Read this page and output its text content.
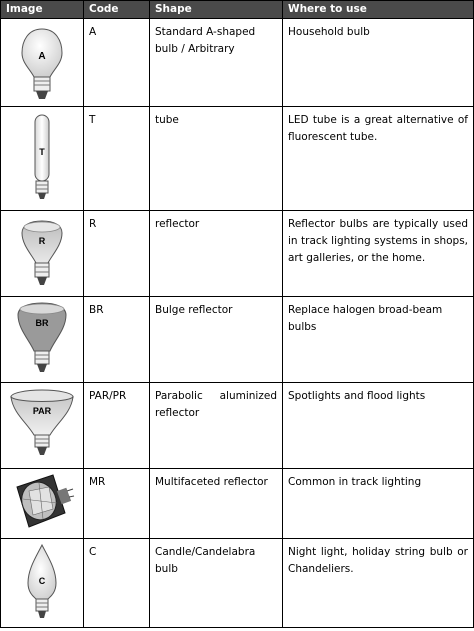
Image	Code	Shape	Where to use

A	A	Standard A-shaped bulb / Arbitrary	Household bulb

T	T	tube	LED tube is a great alternative of fluorescent tube.

R	R	reflector	Reflector bulbs are typically used in track lighting systems in shops, art galleries, or the home.

BR	BR	Bulge reflector	Replace halogen broad-beam bulbs

PAR	PAR/PR	Parabolic aluminized reflector	Spotlights and flood lights

	MR	Multifaceted reflector	Common in track lighting

C	C	Candle/Candelabra bulb	Night light, holiday string bulb or Chandeliers.
